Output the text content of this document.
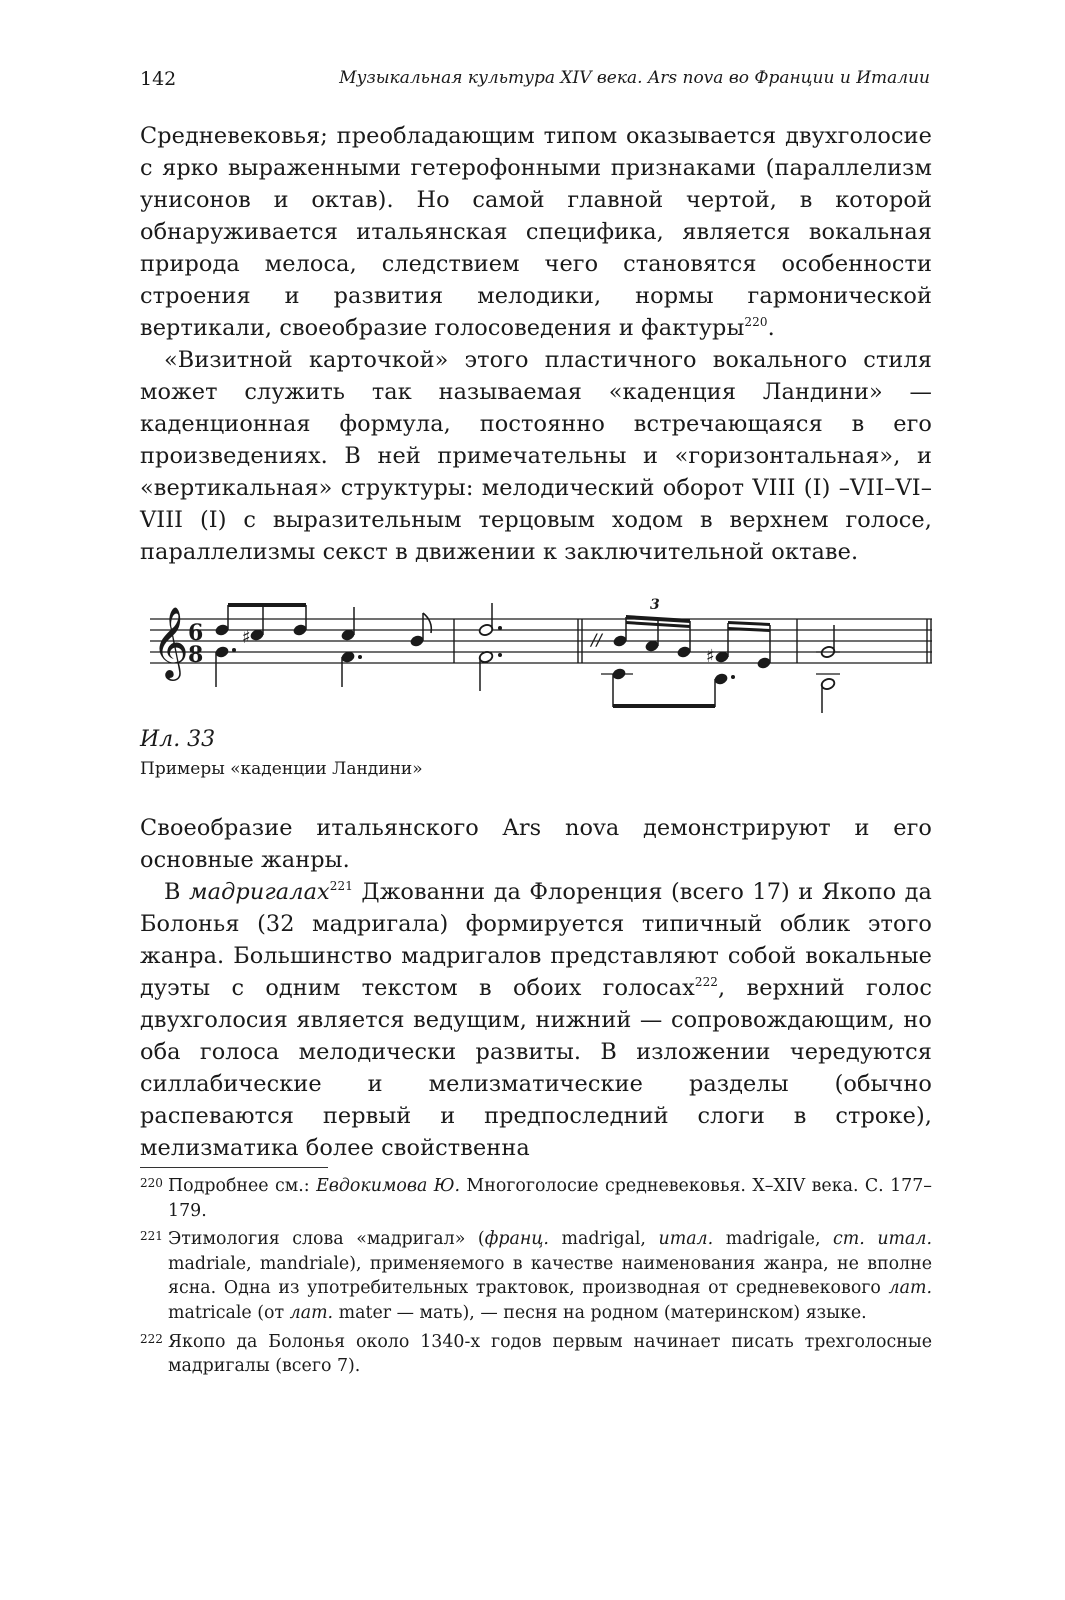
142	Музыкальная культура XIV века. Ars nova во Франции и Италии

Средневековья; преобладающим типом оказывается двухголосие с ярко выраженными гетерофонными признаками (параллелизм унисонов и октав). Но самой главной чертой, в которой обнаруживается итальянская специфика, является вокальная природа мелоса, следствием чего становятся особенности строения и развития мелодики, нормы гармонической вертикали, своеобразие голосоведения и фактуры$^{220}$.

«Визитной карточкой» этого пластичного вокального стиля может служить так называемая «каденция Ландини» — каденционная формула, постоянно встречающаяся в его произведениях. В ней примечательны и «горизонтальная», и «вертикальная» структуры: мелодический оборот VIII (I) –VII–VI–VIII (I) с выразительным терцовым ходом в верхнем голосе, параллелизмы секст в движении к заключительной октаве.

𝄞 6
8
♯	//
3
♯
Ил. 33
Примеры «каденции Ландини»

Своеобразие итальянского Ars nova демонстрируют и его основные жанры.

В мадригалах$^{221}$ Джованни да Флоренция (всего 17) и Якопо да Болонья (32 мадригала) формируется типичный облик этого жанра. Большинство мадригалов представляют собой вокальные дуэты с одним текстом в обоих голосах$^{222}$, верхний голос двухголосия является ведущим, нижний — сопровождающим, но оба голоса мелодически развиты. В изложении чередуются силлабические и мелизматические разделы (обычно распеваются первый и предпоследний слоги в строке), мелизматика более свойственна

220 Подробнее см.: Евдокимова Ю. Многоголосие средневековья. X–XIV века. С. 177–179.

221 Этимология слова «мадригал» (франц. madrigal, итал. madrigale, ст. итал. madriale, mandriale), применяемого в качестве наименования жанра, не вполне ясна. Одна из употребительных трактовок, производная от средневекового лат. matricale (от лат. mater — мать), — песня на родном (материнском) языке.

222 Якопо да Болонья около 1340-х годов первым начинает писать трехголосные мадригалы (всего 7).
